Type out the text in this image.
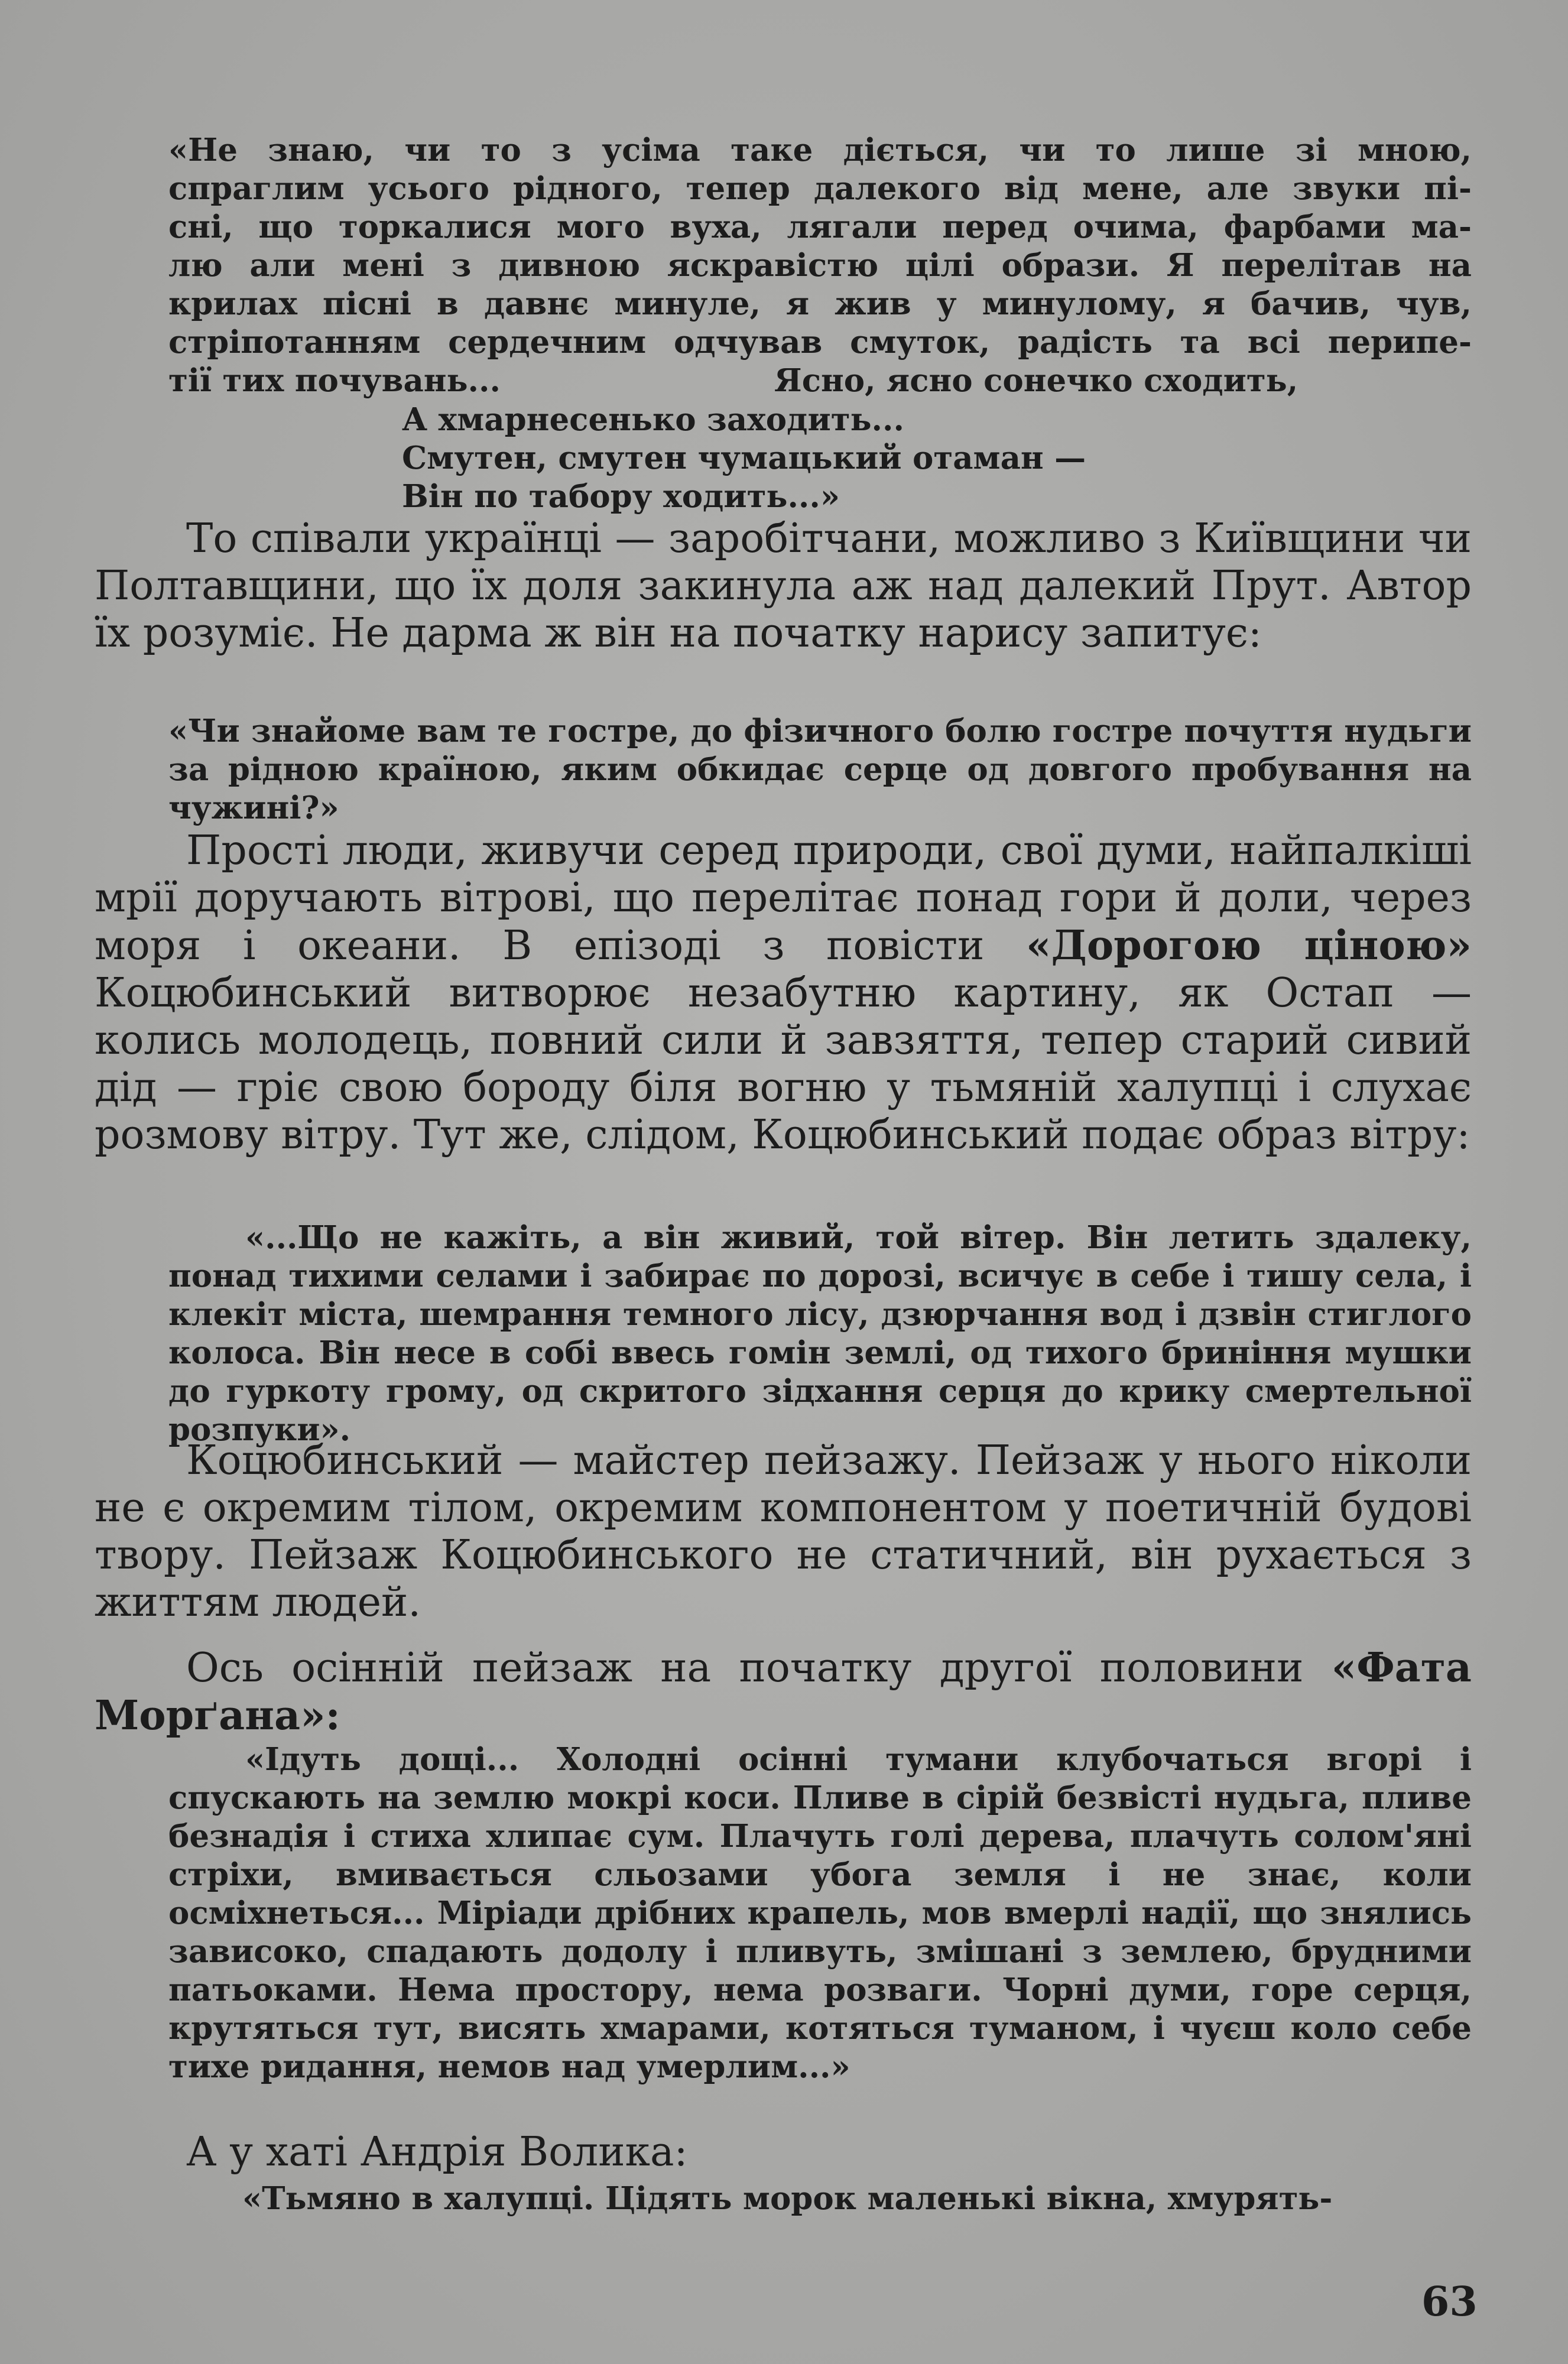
«Не знаю, чи то з усіма таке діється, чи то лише зі мною,
спраглим усього рідного, тепер далекого від мене, але звуки пі-
сні, що торкалися мого вуха, лягали перед очима, фарбами ма-
лю али мені з дивною яскравістю цілі образи. Я перелітав на
крилах пісні в давнє минуле, я жив у минулому, я бачив, чув,
стріпотанням сердечним одчував смуток, радість та всі перипе-
тії тих почувань...	Ясно, ясно сонечко сходить,
А хмарнесенько заходить...
Смутен, смутен чумацький отаман —
Він по табору ходить...»
То співали українці — заробітчани, можливо з Київщини чи Полтавщини, що їх доля закинула аж над далекий Прут. Автор їх розуміє. Не дарма ж він на початку нарису запитує:
«Чи знайоме вам те гостре, до фізичного болю гостре почуття нудьги за рідною країною, яким обкидає серце од довгого пробування на чужині?»
Прості люди, живучи серед природи, свої думи, найпалкіші мрії доручають вітрові, що перелітає понад гори й доли, через моря і океани. В епізоді з повісти «Дорогою ціною» Коцюбинський витворює незабутню картину, як Остап — колись молодець, повний сили й завзяття, тепер старий сивий дід — гріє свою бороду біля вогню у тьмяній халупці і слухає розмову вітру. Тут же, слідом, Коцюбинський подає образ вітру:
«...Що не кажіть, а він живий, той вітер. Він летить здалеку, понад тихими селами і забирає по дорозі, всичує в себе і тишу села, і клекіт міста, шемрання темного лісу, дзюрчання вод і дзвін стиглого колоса. Він несе в собі ввесь гомін землі, од тихого бриніння мушки до гуркоту грому, од скритого зідхання серця до крику смертельної розпуки».
Коцюбинський — майстер пейзажу. Пейзаж у нього ніколи не є окремим тілом, окремим компонентом у поетичній будові твору. Пейзаж Коцюбинського не статичний, він рухається з життям людей.
Ось осінній пейзаж на початку другої половини «Фата Морґана»:
«Ідуть дощі... Холодні осінні тумани клубочаться вгорі і спускають на землю мокрі коси. Пливе в сірій безвісті нудьга, пливе безнадія і стиха хлипає сум. Плачуть голі дерева, плачуть солом'яні стріхи, вмивається сльозами убога земля і не знає, коли осміхнеться... Міріади дрібних крапель, мов вмерлі надії, що знялись зависоко, спадають додолу і пливуть, змішані з землею, брудними патьоками. Нема простору, нема розваги. Чорні думи, горе серця, крутяться тут, висять хмарами, котяться туманом, і чуєш коло себе тихе ридання, немов над умерлим...»
А у хаті Андрія Волика:
«Тьмяно в халупці. Цідять морок маленькі вікна, хмурять-
63
